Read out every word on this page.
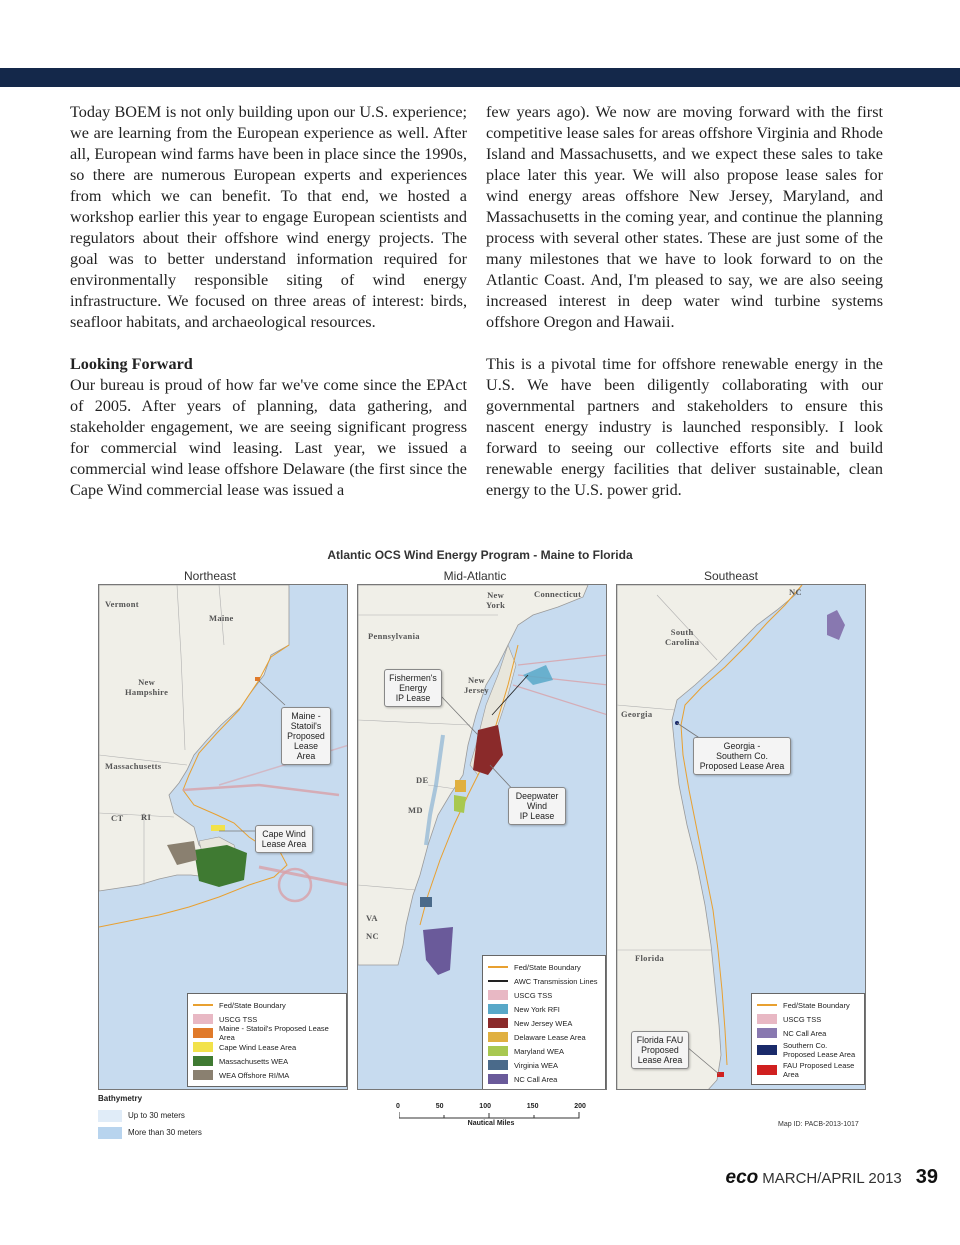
Today BOEM is not only building upon our U.S. experience; we are learning from the European experience as well. After all, European wind farms have been in place since the 1990s, so there are numerous European experts and experiences from which we can benefit. To that end, we hosted a workshop earlier this year to engage European scientists and regulators about their offshore wind energy projects. The goal was to better understand information required for environmentally responsible siting of wind energy infrastructure. We focused on three areas of interest: birds, seafloor habitats, and archaeological resources.

Looking Forward

Our bureau is proud of how far we've come since the EPAct of 2005. After years of planning, data gathering, and stakeholder engagement, we are seeing significant progress for commercial wind leasing. Last year, we issued a commercial wind lease offshore Delaware (the first since the Cape Wind commercial lease was issued a

few years ago). We now are moving forward with the first competitive lease sales for areas offshore Virginia and Rhode Island and Massachusetts, and we expect these sales to take place later this year. We will also propose lease sales for wind energy areas offshore New Jersey, Maryland, and Massachusetts in the coming year, and continue the planning process with several other states. These are just some of the many milestones that we have to look forward to on the Atlantic Coast. And, I'm pleased to say, we are also seeing increased interest in deep water wind turbine systems offshore Oregon and Hawaii.

This is a pivotal time for offshore renewable energy in the U.S. We have been diligently collaborating with our governmental partners and stakeholders to ensure this nascent energy industry is launched responsibly. I look forward to seeing our collective efforts site and build renewable energy facilities that deliver sustainable, clean energy to the U.S. power grid.

Atlantic OCS Wind Energy Program - Maine to Florida
Northeast	Mid-Atlantic	Southeast
Vermont
Maine
New
Hampshire
Massachusetts
CT RI
Maine -
Statoil's
Proposed
Lease Area
Cape Wind
Lease Area
Fed/State Boundary
USCG TSS
Maine - Statoil's Proposed Lease Area
Cape Wind Lease Area
Massachusetts WEA
WEA Offshore RI/MA
New
York
Connecticut
Pennsylvania
New
Jersey
DE
MD
VA
NC
Fishermen's
Energy
IP Lease
Deepwater
Wind
IP Lease
Fed/State Boundary
AWC Transmission Lines
USCG TSS
New York RFI
New Jersey WEA
Delaware Lease Area
Maryland WEA
Virginia WEA
NC Call Area
NC
South
Carolina
Georgia
Florida
Georgia -
Southern Co.
Proposed Lease Area
Florida FAU
Proposed
Lease Area
Fed/State Boundary
USCG TSS
NC Call Area
Southern Co. Proposed Lease Area
FAU Proposed Lease Area
Bathymetry
Up to 30 meters
More than 30 meters
0	50	100	150	200
Nautical Miles	Map ID: PACB-2013-1017
eco MARCH/APRIL 2013 39
